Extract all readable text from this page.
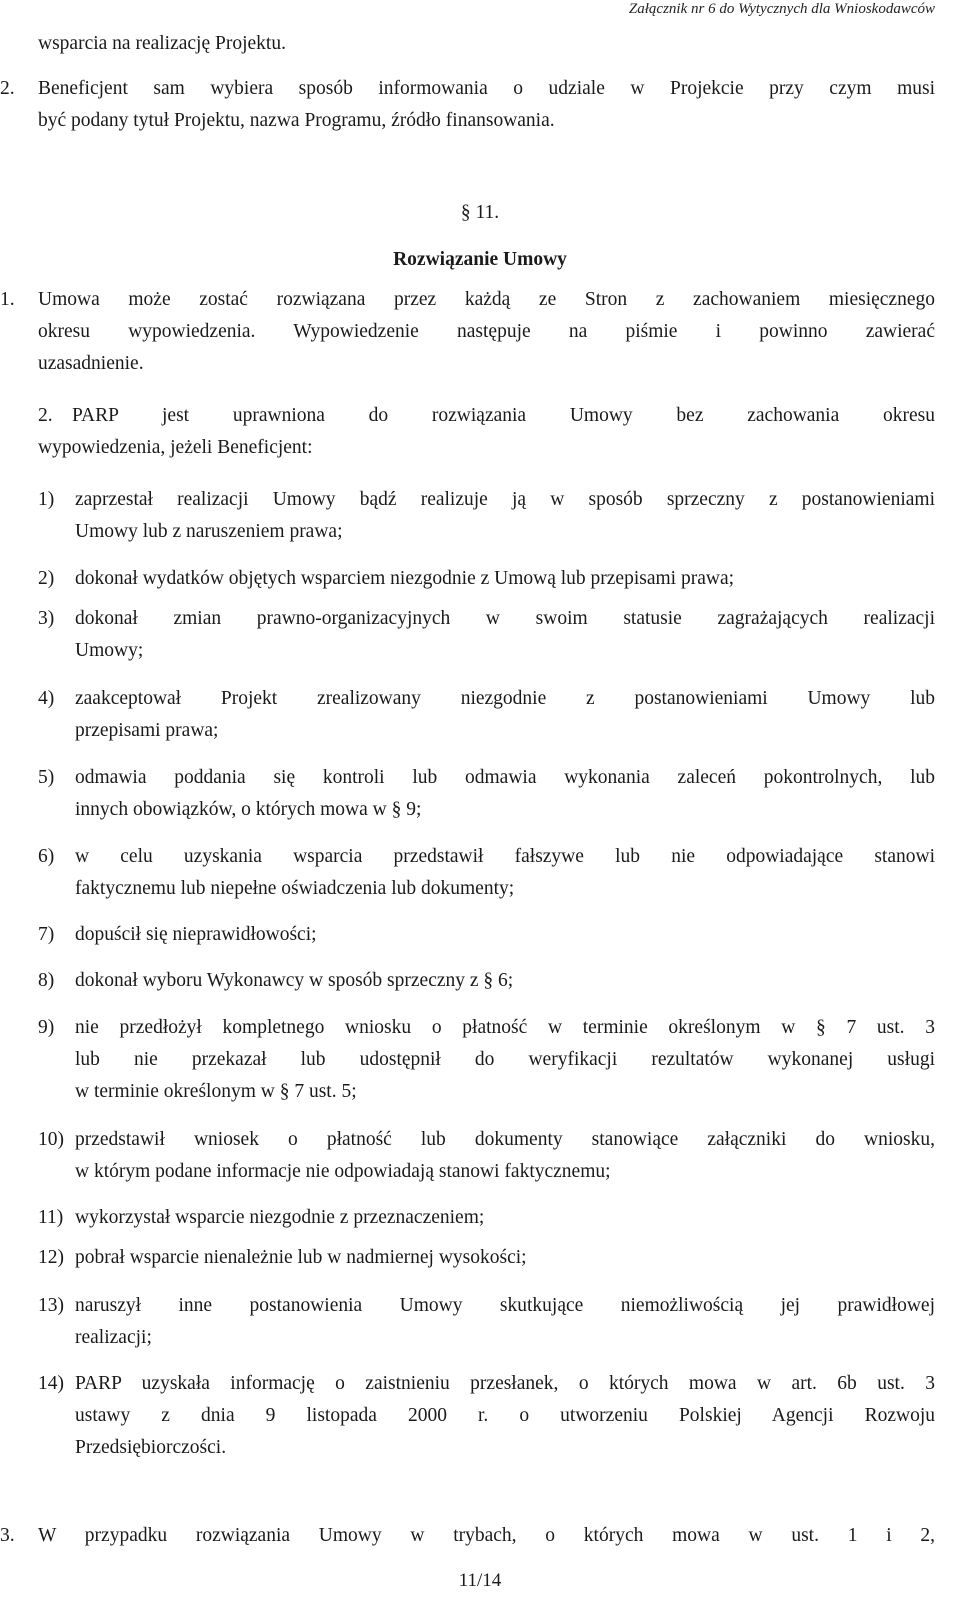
Załącznik nr 6 do Wytycznych dla Wnioskodawców
wsparcia na realizację Projektu.
2. Beneficjent sam wybiera sposób informowania o udziale w Projekcie przy czym musi
być podany tytuł Projektu, nazwa Programu, źródło finansowania.
§ 11.
Rozwiązanie Umowy
1. Umowa może zostać rozwiązana przez każdą ze Stron z zachowaniem miesięcznego
okresu wypowiedzenia. Wypowiedzenie następuje na piśmie i powinno zawierać
uzasadnienie.
2. PARP jest uprawniona do rozwiązania Umowy bez zachowania okresu
wypowiedzenia, jeżeli Beneficjent:
1) zaprzestał realizacji Umowy bądź realizuje ją w sposób sprzeczny z postanowieniami
Umowy lub z naruszeniem prawa;
2) dokonał wydatków objętych wsparciem niezgodnie z Umową lub przepisami prawa;
3) dokonał zmian prawno-organizacyjnych w swoim statusie zagrażających realizacji
Umowy;
4) zaakceptował Projekt zrealizowany niezgodnie z postanowieniami Umowy lub
przepisami prawa;
5) odmawia poddania się kontroli lub odmawia wykonania zaleceń pokontrolnych, lub
innych obowiązków, o których mowa w § 9;
6) w celu uzyskania wsparcia przedstawił fałszywe lub nie odpowiadające stanowi
faktycznemu lub niepełne oświadczenia lub dokumenty;
7) dopuścił się nieprawidłowości;
8) dokonał wyboru Wykonawcy w sposób sprzeczny z § 6;
9) nie przedłożył kompletnego wniosku o płatność w terminie określonym w § 7 ust. 3
lub nie przekazał lub udostępnił do weryfikacji rezultatów wykonanej usługi
w terminie określonym w § 7 ust. 5;
10) przedstawił wniosek o płatność lub dokumenty stanowiące załączniki do wniosku,
w którym podane informacje nie odpowiadają stanowi faktycznemu;
11) wykorzystał wsparcie niezgodnie z przeznaczeniem;
12) pobrał wsparcie nienależnie lub w nadmiernej wysokości;
13) naruszył inne postanowienia Umowy skutkujące niemożliwością jej prawidłowej
realizacji;
14) PARP uzyskała informację o zaistnieniu przesłanek, o których mowa w art. 6b ust. 3
ustawy z dnia 9 listopada 2000 r. o utworzeniu Polskiej Agencji Rozwoju
Przedsiębiorczości.
3. W przypadku rozwiązania Umowy w trybach, o których mowa w ust. 1 i 2,
11/14
